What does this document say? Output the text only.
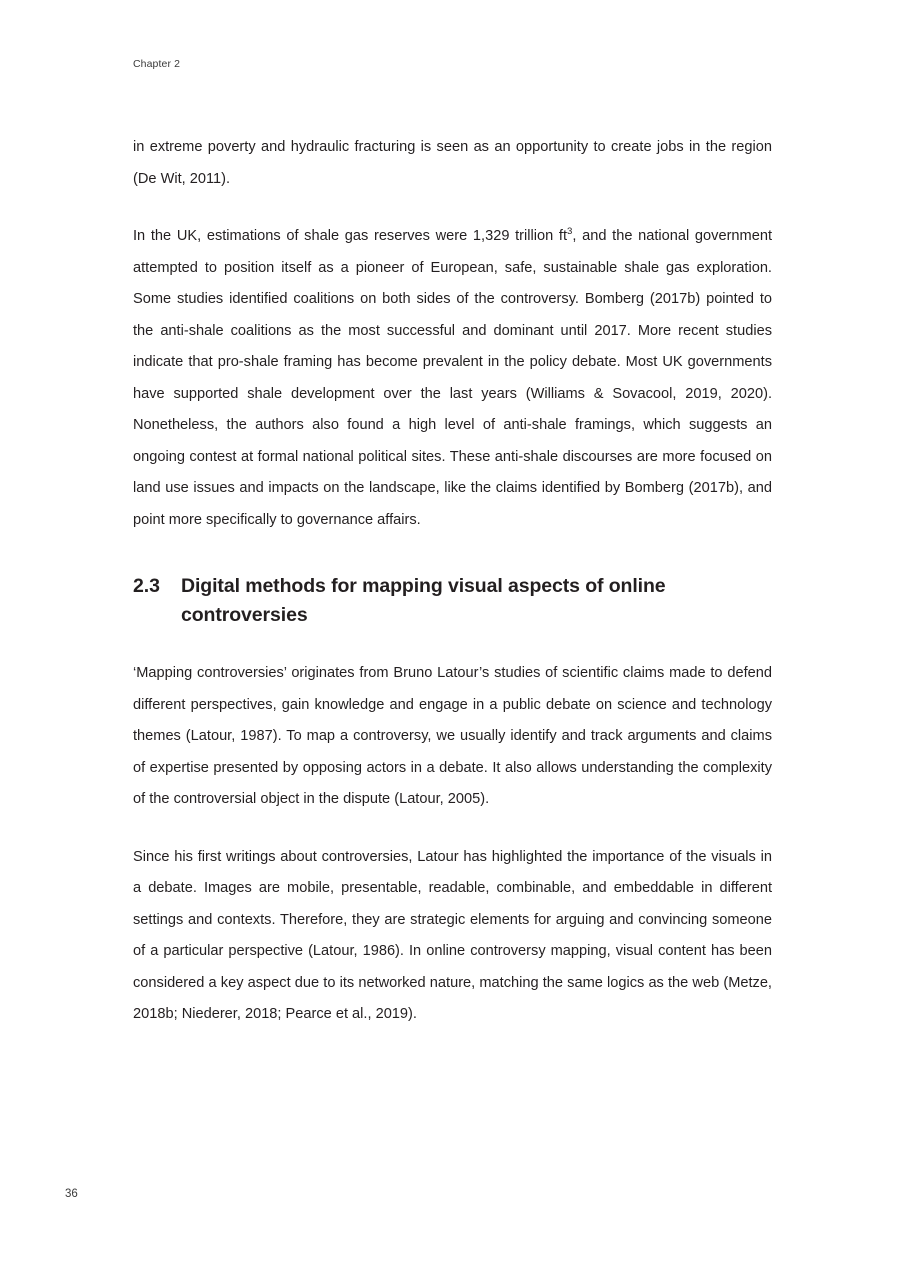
Chapter 2

in extreme poverty and hydraulic fracturing is seen as an opportunity to create jobs in the region (De Wit, 2011).

In the UK, estimations of shale gas reserves were 1,329 trillion $ft^3$, and the national government attempted to position itself as a pioneer of European, safe, sustainable shale gas exploration. Some studies identified coalitions on both sides of the controversy. Bomberg (2017b) pointed to the anti-shale coalitions as the most successful and dominant until 2017. More recent studies indicate that pro-shale framing has become prevalent in the policy debate. Most UK governments have supported shale development over the last years (Williams & Sovacool, 2019, 2020). Nonetheless, the authors also found a high level of anti-shale framings, which suggests an ongoing contest at formal national political sites. These anti-shale discourses are more focused on land use issues and impacts on the landscape, like the claims identified by Bomberg (2017b), and point more specifically to governance affairs.

2.3	Digital methods for mapping visual aspects of online controversies

‘Mapping controversies’ originates from Bruno Latour’s studies of scientific claims made to defend different perspectives, gain knowledge and engage in a public debate on science and technology themes (Latour, 1987). To map a controversy, we usually identify and track arguments and claims of expertise presented by opposing actors in a debate. It also allows understanding the complexity of the controversial object in the dispute (Latour, 2005).

Since his first writings about controversies, Latour has highlighted the importance of the visuals in a debate. Images are mobile, presentable, readable, combinable, and embeddable in different settings and contexts. Therefore, they are strategic elements for arguing and convincing someone of a particular perspective (Latour, 1986). In online controversy mapping, visual content has been considered a key aspect due to its networked nature, matching the same logics as the web (Metze, 2018b; Niederer, 2018; Pearce et al., 2019).

36
